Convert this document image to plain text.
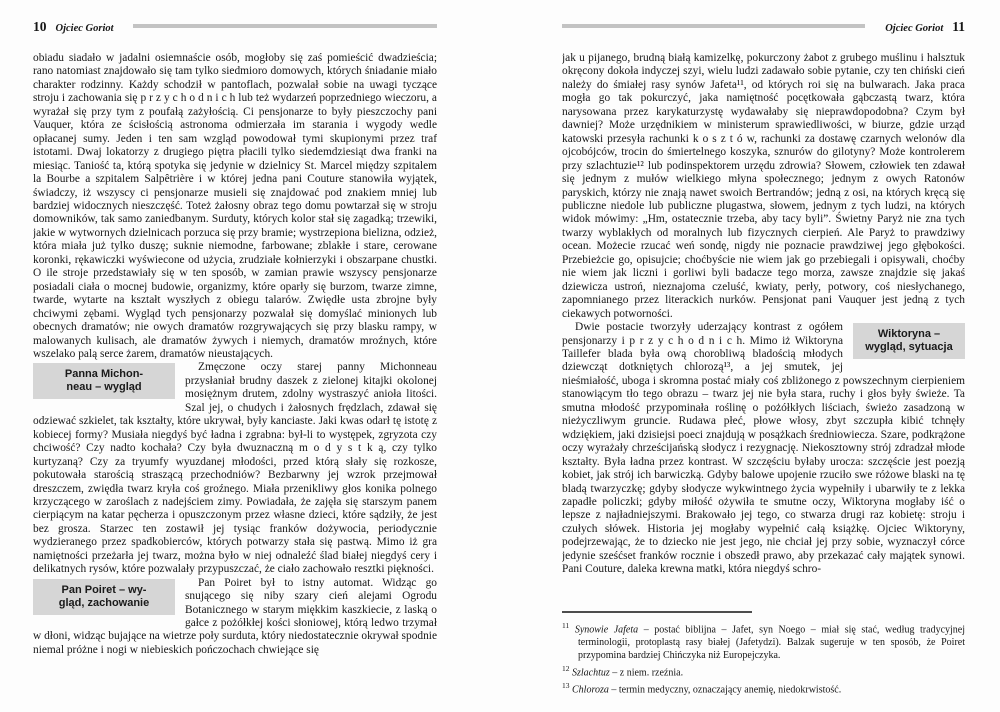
10 Ojciec Goriot

obiadu siadało w jadalni osiemnaście osób, mogłoby się zaś pomieścić dwadzieścia; rano natomiast znajdowało się tam tylko siedmioro domowych, których śniadanie miało charakter rodzinny. Każdy schodził w pantoflach, pozwalał sobie na uwagi tyczące stroju i zachowania się p r z y c h o d n i c h lub też wydarzeń poprzedniego wieczoru, a wyrażał się przy tym z poufałą zażyłością. Ci pensjonarze to były pieszczochy pani Vauquer, która ze ścisłością astronoma odmierzała im starania i wygody wedle opłacanej sumy. Jeden i ten sam wzgląd powodował tymi skupionymi przez traf istotami. Dwaj lokatorzy z drugiego piętra płacili tylko siedemdziesiąt dwa franki na miesiąc. Taniość ta, którą spotyka się jedynie w dzielnicy St. Marcel między szpitalem la Bourbe a szpitalem Salpêtrière i w której jedna pani Couture stanowiła wyjątek, świadczy, iż wszyscy ci pensjonarze musieli się znajdować pod znakiem mniej lub bardziej widocznych nieszczęść. Toteż żałosny obraz tego domu powtarzał się w stroju domowników, tak samo zaniedbanym. Surduty, których kolor stał się zagadką; trzewiki, jakie w wytwornych dzielnicach porzuca się przy bramie; wystrzepiona bielizna, odzież, która miała już tylko duszę; suknie niemodne, farbowane; zblakłe i stare, cerowane koronki, rękawiczki wyświecone od użycia, zrudziałe kołnierzyki i obszarpane chustki. O ile stroje przedstawiały się w ten sposób, w zamian prawie wszyscy pensjonarze posiadali ciała o mocnej budowie, organizmy, które oparły się burzom, twarze zimne, twarde, wytarte na kształt wyszłych z obiegu talarów. Zwiędłe usta zbrojne były chciwymi zębami. Wygląd tych pensjonarzy pozwalał się domyślać minionych lub obecnych dramatów; nie owych dramatów rozgrywających się przy blasku rampy, w malowanych kulisach, ale dramatów żywych i niemych, dramatów mroźnych, które wszelako palą serce żarem, dramatów nieustających.

Panna Michon-
neau – wygląd
Zmęczone oczy starej panny Michonneau przysłaniał brudny daszek z zielonej kitajki okolonej mosiężnym drutem, zdolny wystraszyć anioła litości. Szal jej, o chudych i żałosnych frędzlach, zdawał się odziewać szkielet, tak kształty, które ukrywał, były kanciaste. Jaki kwas odarł tę istotę z kobiecej formy? Musiała niegdyś być ładna i zgrabna: był-li to występek, zgryzota czy chciwość? Czy nadto kochała? Czy była dwuznaczną m o d y s t k ą, czy tylko kurtyzaną? Czy za tryumfy wyuzdanej młodości, przed którą słały się rozkosze, pokutowała starością straszącą przechodniów? Bezbarwny jej wzrok przejmował dreszczem, zwiędła twarz kryła coś groźnego. Miała przenikliwy głos konika polnego krzyczącego w zaroślach z nadejściem zimy. Powiadała, że zajęła się starszym panem cierpiącym na katar pęcherza i opuszczonym przez własne dzieci, które sądziły, że jest bez grosza. Starzec ten zostawił jej tysiąc franków dożywocia, periodycznie wydzieranego przez spadkobierców, których potwarzy stała się pastwą. Mimo iż gra namiętności przeżarła jej twarz, można było w niej odnaleźć ślad białej niegdyś cery i delikatnych rysów, które pozwalały przypuszczać, że ciało zachowało resztki piękności.

Pan Poiret – wy-
gląd, zachowanie
Pan Poiret był to istny automat. Widząc go snującego się niby szary cień alejami Ogrodu Botanicznego w starym miękkim kaszkiecie, z laską o gałce z pożółkłej kości słoniowej, którą ledwo trzymał w dłoni, widząc bujające na wietrze poły surduta, który niedostatecznie okrywał spodnie niemal próżne i nogi w niebieskich pończochach chwiejące się

Ojciec Goriot 11

jak u pijanego, brudną białą kamizelkę, pokurczony żabot z grubego muślinu i halsztuk okręcony dokoła indyczej szyi, wielu ludzi zadawało sobie pytanie, czy ten chiński cień należy do śmiałej rasy synów Jafeta¹¹, od których roi się na bulwarach. Jaka praca mogła go tak pokurczyć, jaka namiętność pocętkowała gąbczastą twarz, która narysowana przez karykaturzystę wydawałaby się nieprawdopodobna? Czym był dawniej? Może urzędnikiem w ministerum sprawiedliwości, w biurze, gdzie urząd katowski przesyła rachunki k o s z t ó w, rachunki za dostawę czarnych welonów dla ojcobójców, trocin do śmiertelnego koszyka, sznurów do gilotyny? Może kontrolerem przy szlachtuzie¹² lub podinspektorem urzędu zdrowia? Słowem, człowiek ten zdawał się jednym z mułów wielkiego młyna społecznego; jednym z owych Ratonów paryskich, którzy nie znają nawet swoich Bertrandów; jedną z osi, na których kręcą się publiczne niedole lub publiczne plugastwa, słowem, jednym z tych ludzi, na których widok mówimy: „Hm, ostatecznie trzeba, aby tacy byli”. Świetny Paryż nie zna tych twarzy wyblakłych od moralnych lub fizycznych cierpień. Ale Paryż to prawdziwy ocean. Możecie rzucać weń sondę, nigdy nie poznacie prawdziwej jego głębokości. Przebieżcie go, opisujcie; choćbyście nie wiem jak go przebiegali i opisywali, choćby nie wiem jak liczni i gorliwi byli badacze tego morza, zawsze znajdzie się jakaś dziewicza ustroń, nieznajoma czeluść, kwiaty, perły, potwory, coś niesłychanego, zapomnianego przez literackich nurków. Pensjonat pani Vauquer jest jedną z tych ciekawych potworności.

Wiktoryna –
wygląd, sytuacja
Dwie postacie tworzyły uderzający kontrast z ogółem pensjonarzy i p r z y c h o d n i c h. Mimo iż Wiktoryna Taillefer blada była ową chorobliwą bladością młodych dziewcząt dotkniętych chlorozą¹³, a jej smutek, jej nieśmiałość, uboga i skromna postać miały coś zbliżonego z powszechnym cierpieniem stanowiącym tło tego obrazu – twarz jej nie była stara, ruchy i głos były świeże. Ta smutna młodość przypominała roślinę o pożółkłych liściach, świeżo zasadzoną w nieżyczliwym gruncie. Rudawa płeć, płowe włosy, zbyt szczupła kibić tchnęły wdziękiem, jaki dzisiejsi poeci znajdują w posążkach średniowiecza. Szare, podkrążone oczy wyrażały chrześcijańską słodycz i rezygnację. Niekosztowny strój zdradzał młode kształty. Była ładna przez kontrast. W szczęściu byłaby urocza: szczęście jest poezją kobiet, jak strój ich barwiczką. Gdyby balowe upojenie rzuciło swe różowe blaski na tę bladą twarzyczkę; gdyby słodycze wykwintnego życia wypełniły i ubarwiły te z lekka zapadłe policzki; gdyby miłość ożywiła te smutne oczy, Wiktoryna mogłaby iść o lepsze z najładniejszymi. Brakowało jej tego, co stwarza drugi raz kobietę: stroju i czułych słówek. Historia jej mogłaby wypełnić całą książkę. Ojciec Wiktoryny, podejrzewając, że to dziecko nie jest jego, nie chciał jej przy sobie, wyznaczył córce jedynie sześćset franków rocznie i obszedł prawo, aby przekazać cały majątek synowi. Pani Couture, daleka krewna matki, która niegdyś schro-

$^{11}$ Synowie Jafeta – postać biblijna – Jafet, syn Noego – miał się stać, według tradycyjnej terminologii, protoplastą rasy białej (Jafetydzi). Balzak sugeruje w ten sposób, że Poiret przypomina bardziej Chińczyka niż Europejczyka.

$^{12}$ Szlachtuz – z niem. rzeźnia.

$^{13}$ Chloroza – termin medyczny, oznaczający anemię, niedokrwistość.
